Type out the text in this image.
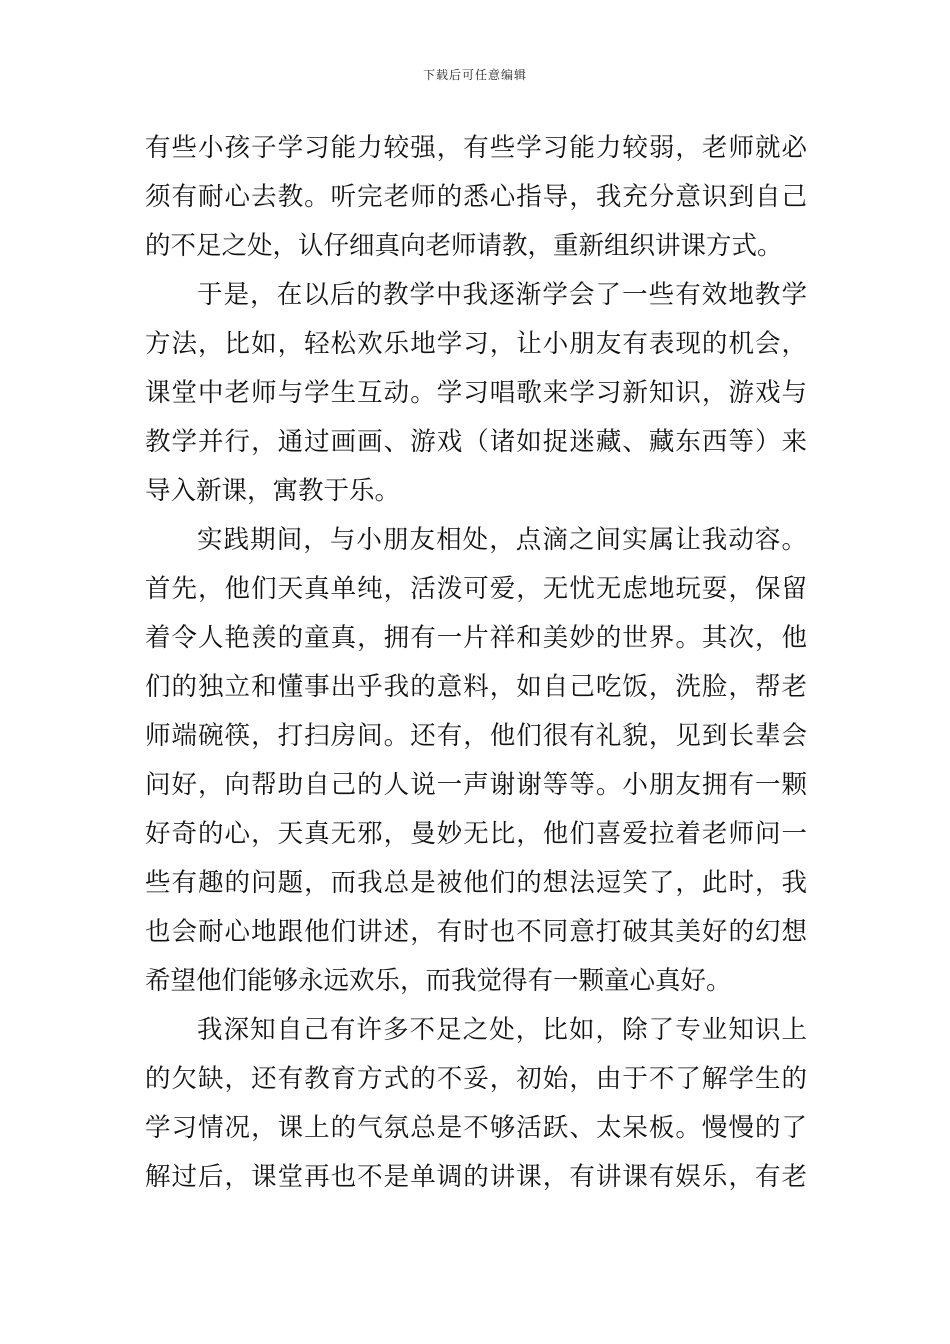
下载后可任意编辑
有些小孩子学习能力较强，有些学习能力较弱，老师就必
须有耐心去教。听完老师的悉心指导，我充分意识到自己
的不足之处，认仔细真向老师请教，重新组织讲课方式。
于是，在以后的教学中我逐渐学会了一些有效地教学
方法，比如，轻松欢乐地学习，让小朋友有表现的机会，
课堂中老师与学生互动。学习唱歌来学习新知识，游戏与
教学并行，通过画画、游戏（诸如捉迷藏、藏东西等）来
导入新课，寓教于乐。
实践期间，与小朋友相处，点滴之间实属让我动容。
首先，他们天真单纯，活泼可爱，无忧无虑地玩耍，保留
着令人艳羡的童真，拥有一片祥和美妙的世界。其次，他
们的独立和懂事出乎我的意料，如自己吃饭，洗脸，帮老
师端碗筷，打扫房间。还有，他们很有礼貌，见到长辈会
问好，向帮助自己的人说一声谢谢等等。小朋友拥有一颗
好奇的心，天真无邪，曼妙无比，他们喜爱拉着老师问一
些有趣的问题，而我总是被他们的想法逗笑了，此时，我
也会耐心地跟他们讲述，有时也不同意打破其美好的幻想
希望他们能够永远欢乐，而我觉得有一颗童心真好。
我深知自己有许多不足之处，比如，除了专业知识上
的欠缺，还有教育方式的不妥，初始，由于不了解学生的
学习情况，课上的气氛总是不够活跃、太呆板。慢慢的了
解过后，课堂再也不是单调的讲课，有讲课有娱乐，有老
